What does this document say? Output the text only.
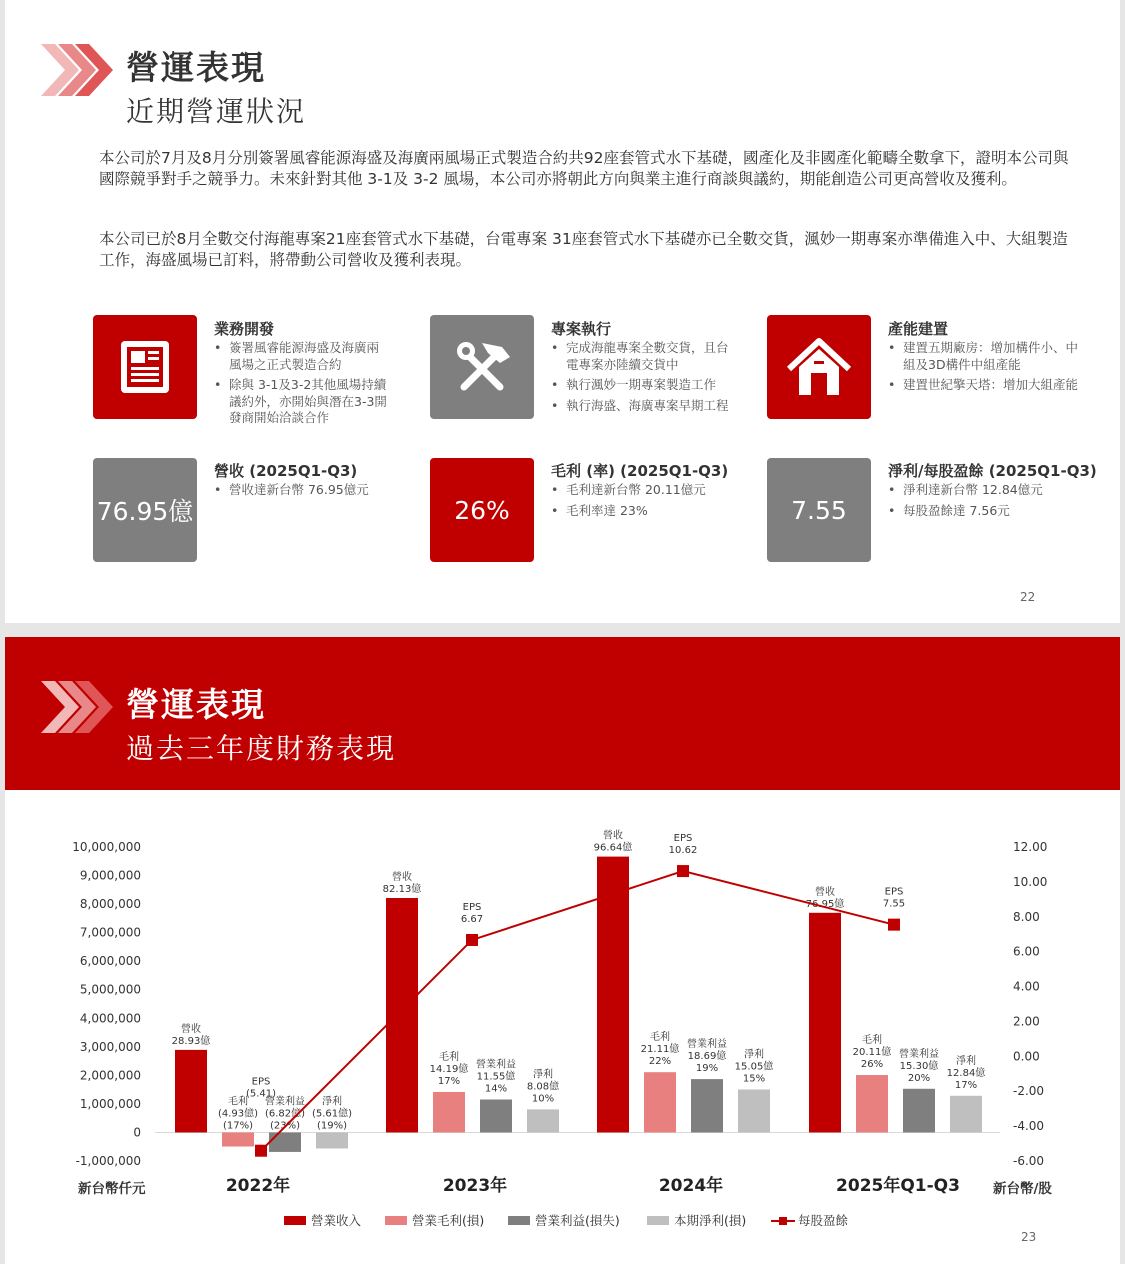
營運表現
近期營運狀況
本公司於7月及8月分別簽署風睿能源海盛及海廣兩風場正式製造合約共92座套管式水下基礎，國產化及非國產化範疇全數拿下，證明本公司與國際競爭對手之競爭力。未來針對其他 3-1及 3-2 風場，本公司亦將朝此方向與業主進行商談與議約，期能創造公司更高營收及獲利。
本公司已於8月全數交付海龍專案21座套管式水下基礎，台電專案 31座套管式水下基礎亦已全數交貨，渢妙一期專案亦準備進入中、大組製造工作，海盛風場已訂料，將帶動公司營收及獲利表現。
業務開發
• 簽署風睿能源海盛及海廣兩風場之正式製造合約
• 除與 3-1及3-2其他風場持續議約外，亦開始與潛在3-3開發商開始洽談合作
專案執行
• 完成海龍專案全數交貨，且台電專案亦陸續交貨中
• 執行渢妙一期專案製造工作
• 執行海盛、海廣專案早期工程
產能建置
• 建置五期廠房：增加構件小、中組及3D構件中組產能
• 建置世紀擎天塔：增加大組產能
76.95億
營收 (2025Q1-Q3)
• 營收達新台幣 76.95億元
26%
毛利 (率) (2025Q1-Q3)
• 毛利達新台幣 20.11億元
• 毛利率達 23%	7.55
淨利/每股盈餘 (2025Q1-Q3)
• 淨利達新台幣 12.84億元
• 每股盈餘達 7.56元
22
營運表現
過去三年度財務表現
10,000,000
9,000,000
8,000,000
7,000,000
6,000,000
5,000,000
4,000,000
3,000,000
2,000,000
1,000,000
0
-1,000,000
12.00
10.00
8.00
6.00
4.00
2.00
0.00
-2.00
-4.00
-6.00
新台幣仟元	新台幣/股
營收
28.93億
營收
82.13億
營收
96.64億
營收
76.95億
毛利
(4.93億)
(17%)
毛利
14.19億
17%
毛利
21.11億
22%
毛利
20.11億
26%
營業利益
(6.82億)
(23%)
營業利益
11.55億
14%
營業利益
18.69億
19%
營業利益
15.30億
20%
淨利
(5.61億)
(19%)
淨利
8.08億
10%
淨利
15.05億
15%
淨利
12.84億
17%
2022年	2023年	2024年	2025年Q1-Q3
EPS
(5.41)
EPS
6.67
EPS
10.62
EPS
7.55
營業收入	營業毛利(損)	營業利益(損失)	本期淨利(損)	每股盈餘
23
